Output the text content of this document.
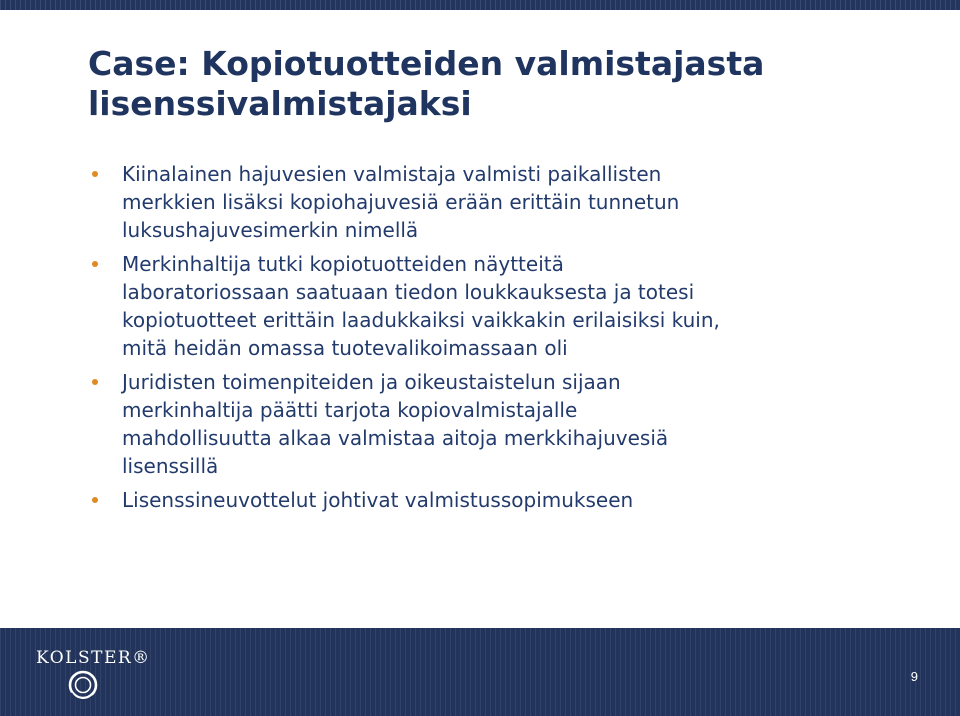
Case: Kopiotuotteiden valmistajasta
lisenssivalmistajaksi
Kiinalainen hajuvesien valmistaja valmisti paikallisten
merkkien lisäksi kopiohajuvesiä erään erittäin tunnetun
luksushajuvesimerkin nimellä
Merkinhaltija tutki kopiotuotteiden näytteitä
laboratoriossaan saatuaan tiedon loukkauksesta ja totesi
kopiotuotteet erittäin laadukkaiksi vaikkakin erilaisiksi kuin,
mitä heidän omassa tuotevalikoimassaan oli
Juridisten toimenpiteiden ja oikeustaistelun sijaan
merkinhaltija päätti tarjota kopiovalmistajalle
mahdollisuutta alkaa valmistaa aitoja merkkihajuvesiä
lisenssillä
Lisenssineuvottelut johtivat valmistussopimukseen
KOLSTER®
9
